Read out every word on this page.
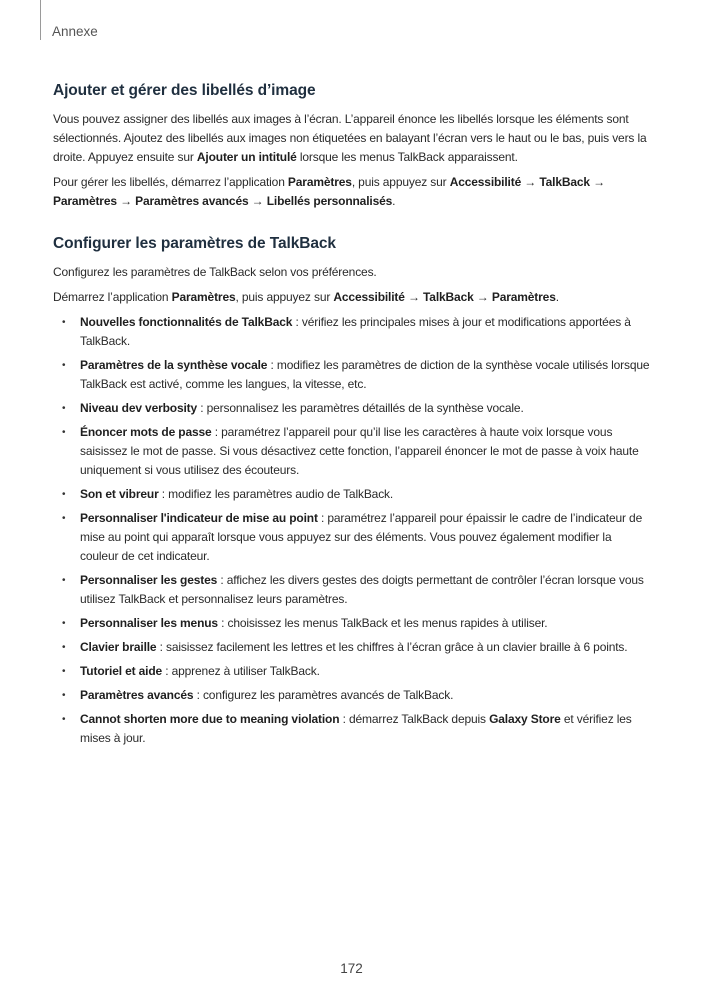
Annexe
Ajouter et gérer des libellés d’image

Vous pouvez assigner des libellés aux images à l’écran. L’appareil énonce les libellés lorsque les éléments sont sélectionnés. Ajoutez des libellés aux images non étiquetées en balayant l’écran vers le haut ou le bas, puis vers la droite. Appuyez ensuite sur Ajouter un intitulé lorsque les menus TalkBack apparaissent.

Pour gérer les libellés, démarrez l’application Paramètres, puis appuyez sur Accessibilité → TalkBack → Paramètres → Paramètres avancés → Libellés personnalisés.

Configurer les paramètres de TalkBack

Configurez les paramètres de TalkBack selon vos préférences.

Démarrez l’application Paramètres, puis appuyez sur Accessibilité → TalkBack → Paramètres.

• Nouvelles fonctionnalités de TalkBack : vérifiez les principales mises à jour et modifications apportées à TalkBack.
• Paramètres de la synthèse vocale : modifiez les paramètres de diction de la synthèse vocale utilisés lorsque TalkBack est activé, comme les langues, la vitesse, etc.
• Niveau dev verbosity : personnalisez les paramètres détaillés de la synthèse vocale.
• Énoncer mots de passe : paramétrez l’appareil pour qu’il lise les caractères à haute voix lorsque vous saisissez le mot de passe. Si vous désactivez cette fonction, l’appareil énoncer le mot de passe à voix haute uniquement si vous utilisez des écouteurs.
• Son et vibreur : modifiez les paramètres audio de TalkBack.
• Personnaliser l'indicateur de mise au point : paramétrez l’appareil pour épaissir le cadre de l’indicateur de mise au point qui apparaît lorsque vous appuyez sur des éléments. Vous pouvez également modifier la couleur de cet indicateur.
• Personnaliser les gestes : affichez les divers gestes des doigts permettant de contrôler l’écran lorsque vous utilisez TalkBack et personnalisez leurs paramètres.
• Personnaliser les menus : choisissez les menus TalkBack et les menus rapides à utiliser.
• Clavier braille : saisissez facilement les lettres et les chiffres à l’écran grâce à un clavier braille à 6 points.
• Tutoriel et aide : apprenez à utiliser TalkBack.
• Paramètres avancés : configurez les paramètres avancés de TalkBack.
• Cannot shorten more due to meaning violation : démarrez TalkBack depuis Galaxy Store et vérifiez les mises à jour.
172
